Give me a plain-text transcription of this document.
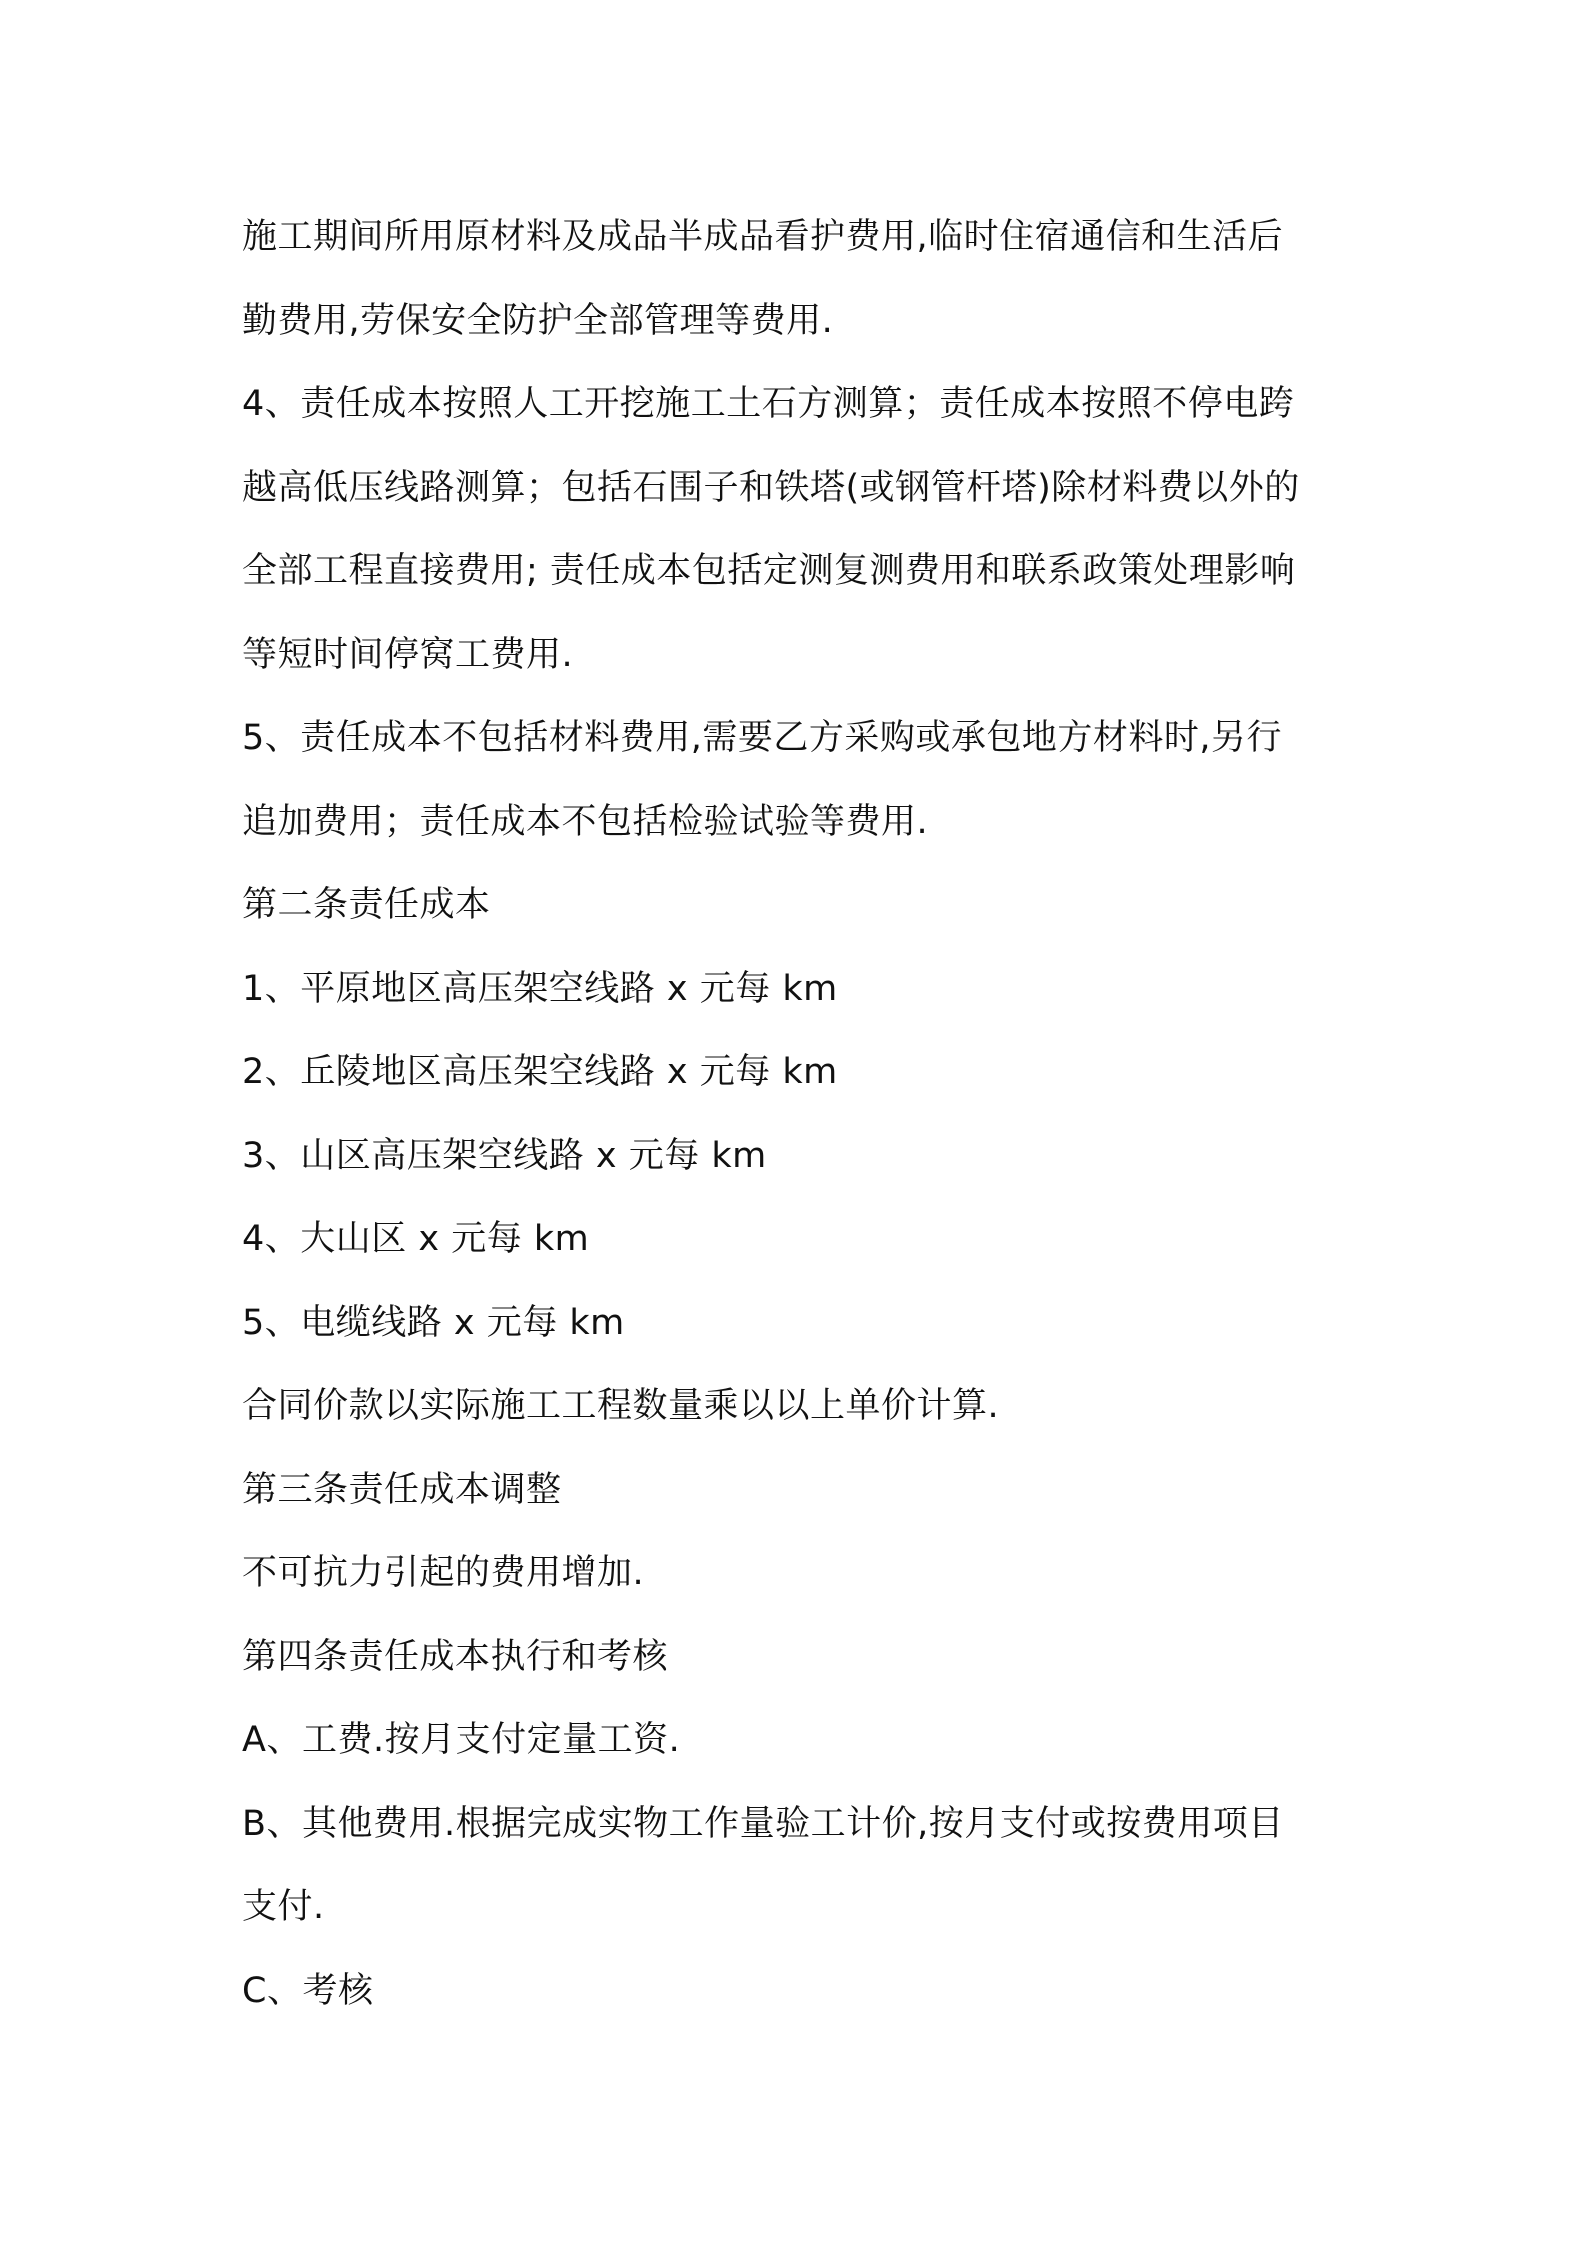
施工期间所用原材料及成品半成品看护费用,临时住宿通信和生活后
勤费用,劳保安全防护全部管理等费用.
4、责任成本按照人工开挖施工土石方测算；责任成本按照不停电跨
越高低压线路测算；包括石围子和铁塔(或钢管杆塔)除材料费以外的
全部工程直接费用; 责任成本包括定测复测费用和联系政策处理影响
等短时间停窝工费用.
5、责任成本不包括材料费用,需要乙方采购或承包地方材料时,另行
追加费用；责任成本不包括检验试验等费用.
第二条责任成本
1、平原地区高压架空线路 x 元每 km
2、丘陵地区高压架空线路 x 元每 km
3、山区高压架空线路 x 元每 km
4、大山区 x 元每 km
5、电缆线路 x 元每 km
合同价款以实际施工工程数量乘以以上单价计算.
第三条责任成本调整
不可抗力引起的费用增加.
第四条责任成本执行和考核
A、工费.按月支付定量工资.
B、其他费用.根据完成实物工作量验工计价,按月支付或按费用项目
支付.
C、考核
